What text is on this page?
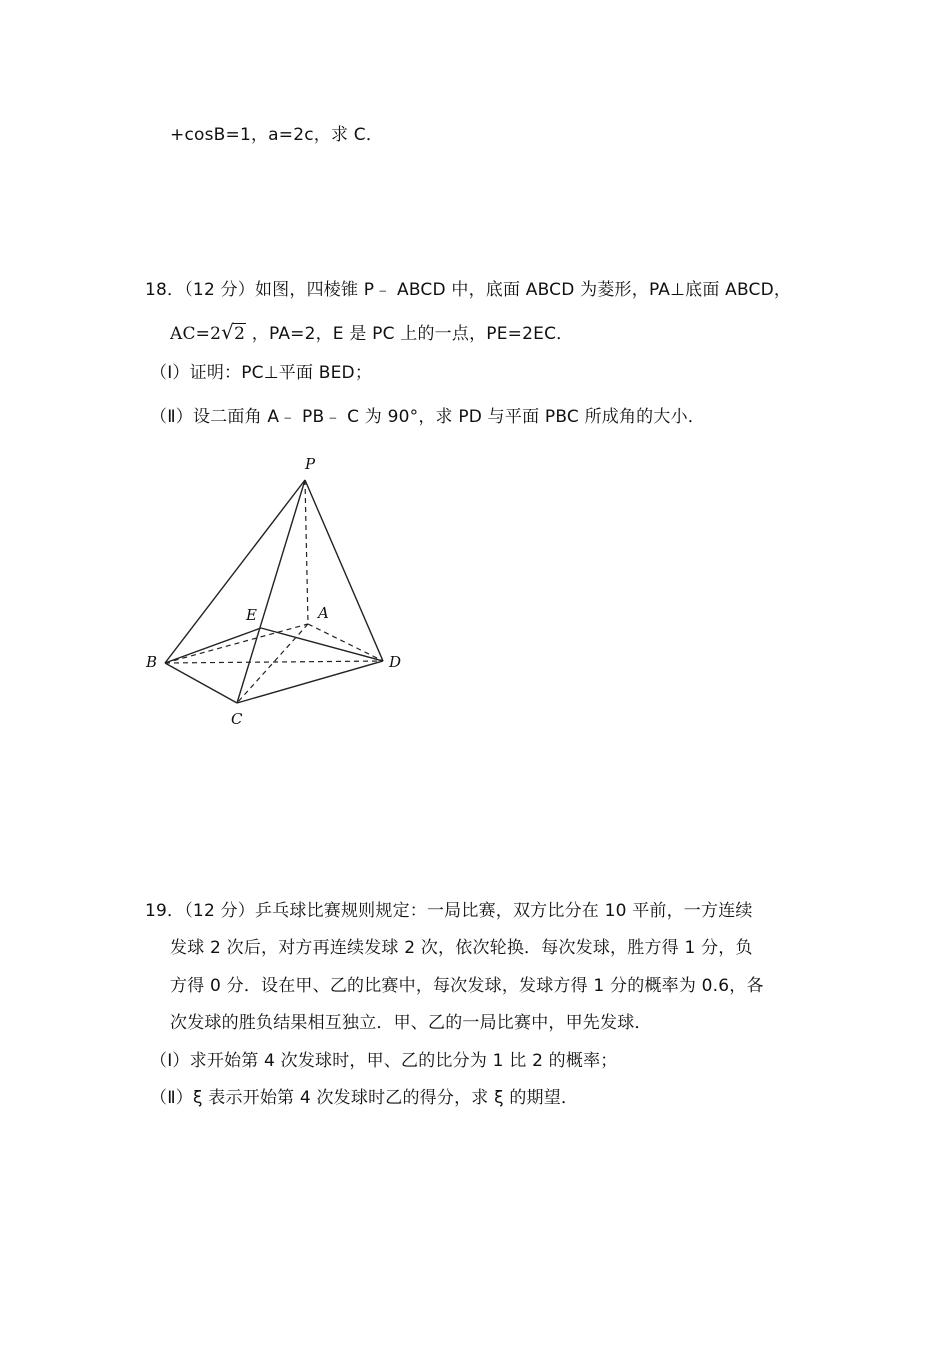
+cosB=1，a=2c，求 C．
18．（12 分）如图，四棱锥 P﹣ ABCD 中，底面 ABCD 为菱形，PA⊥底面 ABCD，
AC=2√2 ，PA=2，E 是 PC 上的一点，PE=2EC．
（Ⅰ）证明：PC⊥平面 BED；
（Ⅱ）设二面角 A﹣ PB﹣ C 为 90°，求 PD 与平面 PBC 所成角的大小．
P
E	A
B
C
D
19．（12 分）乒乓球比赛规则规定：一局比赛，双方比分在 10 平前，一方连续
发球 2 次后，对方再连续发球 2 次，依次轮换．每次发球，胜方得 1 分，负
方得 0 分．设在甲、乙的比赛中，每次发球，发球方得 1 分的概率为 0.6，各
次发球的胜负结果相互独立．甲、乙的一局比赛中，甲先发球．
（Ⅰ）求开始第 4 次发球时，甲、乙的比分为 1 比 2 的概率；
（Ⅱ）ξ 表示开始第 4 次发球时乙的得分，求 ξ 的期望．
